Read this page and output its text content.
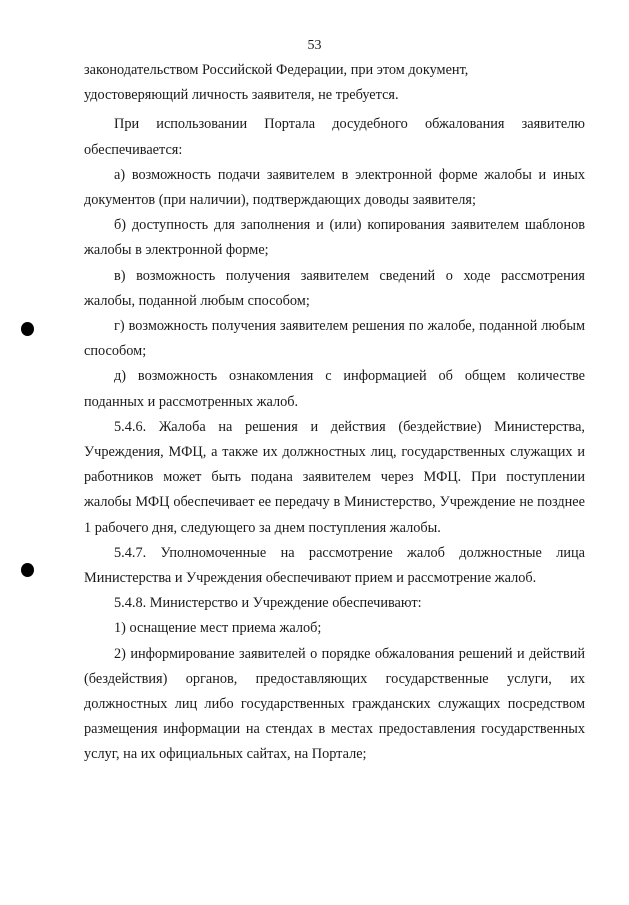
53

законодательством Российской Федерации, при этом документ,

удостоверяющий личность заявителя, не требуется.

При использовании Портала досудебного обжалования заявителю обеспечивается:

а) возможность подачи заявителем в электронной форме жалобы и иных документов (при наличии), подтверждающих доводы заявителя;

б) доступность для заполнения и (или) копирования заявителем шаблонов жалобы в электронной форме;

в) возможность получения заявителем сведений о ходе рассмотрения жалобы, поданной любым способом;

г) возможность получения заявителем решения по жалобе, поданной любым способом;

д) возможность ознакомления с информацией об общем количестве поданных и рассмотренных жалоб.

5.4.6. Жалоба на решения и действия (бездействие) Министерства, Учреждения, МФЦ, а также их должностных лиц, государственных служащих и работников может быть подана заявителем через МФЦ. При поступлении жалобы МФЦ обеспечивает ее передачу в Министерство, Учреждение не позднее 1 рабочего дня, следующего за днем поступления жалобы.

5.4.7. Уполномоченные на рассмотрение жалоб должностные лица Министерства и Учреждения обеспечивают прием и рассмотрение жалоб.

5.4.8. Министерство и Учреждение обеспечивают:

1) оснащение мест приема жалоб;

2) информирование заявителей о порядке обжалования решений и действий (бездействия) органов, предоставляющих государственные услуги, их должностных лиц либо государственных гражданских служащих посредством размещения информации на стендах в местах предоставления государственных услуг, на их официальных сайтах, на Портале;
